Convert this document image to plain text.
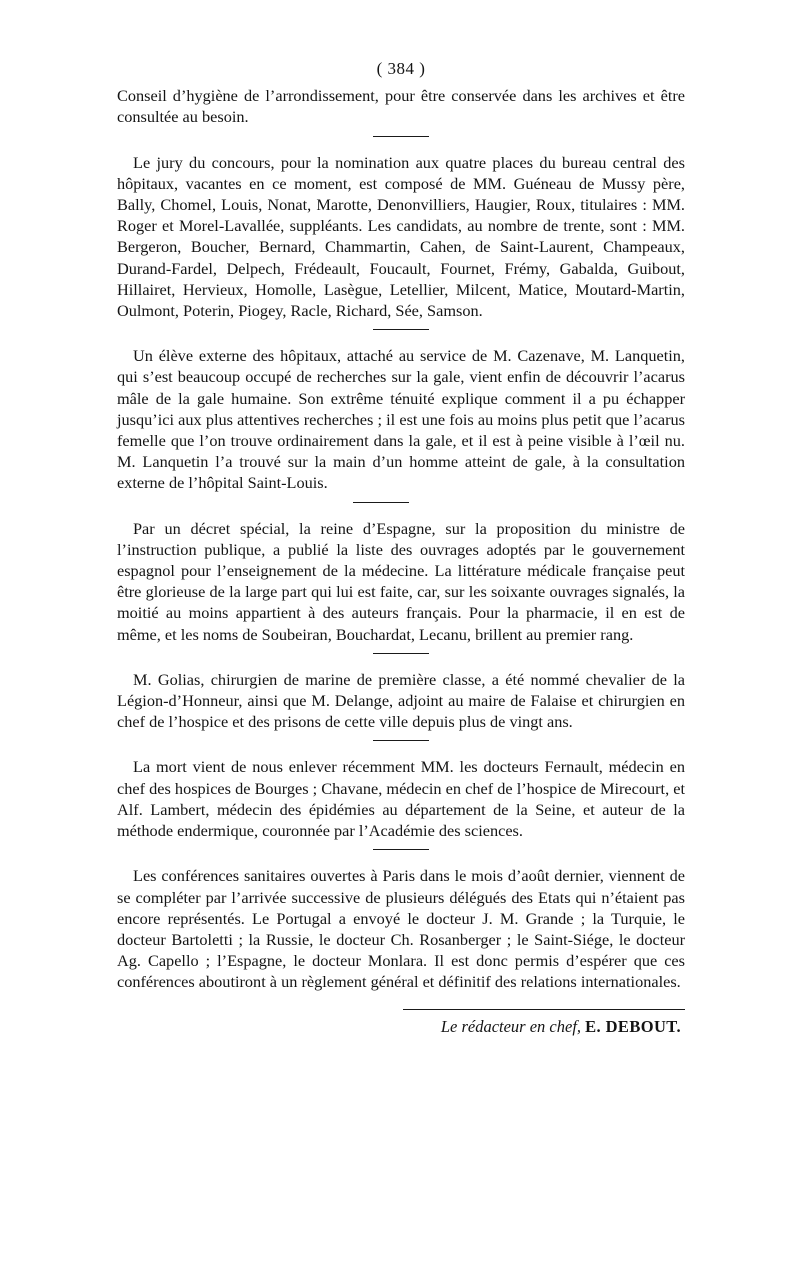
( 384 )

Conseil d’hygiène de l’arrondissement, pour être conservée dans les archives et être consultée au besoin.

Le jury du concours, pour la nomination aux quatre places du bureau central des hôpitaux, vacantes en ce moment, est composé de MM. Guéneau de Mussy père, Bally, Chomel, Louis, Nonat, Marotte, Denonvilliers, Haugier, Roux, titulaires : MM. Roger et Morel-Lavallée, suppléants. Les candidats, au nombre de trente, sont : MM. Bergeron, Boucher, Bernard, Chammartin, Cahen, de Saint-Laurent, Champeaux, Durand-Fardel, Delpech, Frédeault, Foucault, Fournet, Frémy, Gabalda, Guibout, Hillairet, Hervieux, Homolle, Lasègue, Letellier, Milcent, Matice, Moutard-Martin, Oulmont, Poterin, Piogey, Racle, Richard, Sée, Samson.

Un élève externe des hôpitaux, attaché au service de M. Cazenave, M. Lanquetin, qui s’est beaucoup occupé de recherches sur la gale, vient enfin de découvrir l’acarus mâle de la gale humaine. Son extrême ténuité explique comment il a pu échapper jusqu’ici aux plus attentives recherches ; il est une fois au moins plus petit que l’acarus femelle que l’on trouve ordinairement dans la gale, et il est à peine visible à l’œil nu. M. Lanquetin l’a trouvé sur la main d’un homme atteint de gale, à la consultation externe de l’hôpital Saint-Louis.

Par un décret spécial, la reine d’Espagne, sur la proposition du ministre de l’instruction publique, a publié la liste des ouvrages adoptés par le gouvernement espagnol pour l’enseignement de la médecine. La littérature médicale française peut être glorieuse de la large part qui lui est faite, car, sur les soixante ouvrages signalés, la moitié au moins appartient à des auteurs français. Pour la pharmacie, il en est de même, et les noms de Soubeiran, Bouchardat, Lecanu, brillent au premier rang.

M. Golias, chirurgien de marine de première classe, a été nommé chevalier de la Légion-d’Honneur, ainsi que M. Delange, adjoint au maire de Falaise et chirurgien en chef de l’hospice et des prisons de cette ville depuis plus de vingt ans.

La mort vient de nous enlever récemment MM. les docteurs Fernault, médecin en chef des hospices de Bourges ; Chavane, médecin en chef de l’hospice de Mirecourt, et Alf. Lambert, médecin des épidémies au département de la Seine, et auteur de la méthode endermique, couronnée par l’Académie des sciences.

Les conférences sanitaires ouvertes à Paris dans le mois d’août dernier, viennent de se compléter par l’arrivée successive de plusieurs délégués des Etats qui n’étaient pas encore représentés. Le Portugal a envoyé le docteur J. M. Grande ; la Turquie, le docteur Bartoletti ; la Russie, le docteur Ch. Rosanberger ; le Saint-Siége, le docteur Ag. Capello ; l’Espagne, le docteur Monlara. Il est donc permis d’espérer que ces conférences aboutiront à un règlement général et définitif des relations internationales.

Le rédacteur en chef, E. DEBOUT.
